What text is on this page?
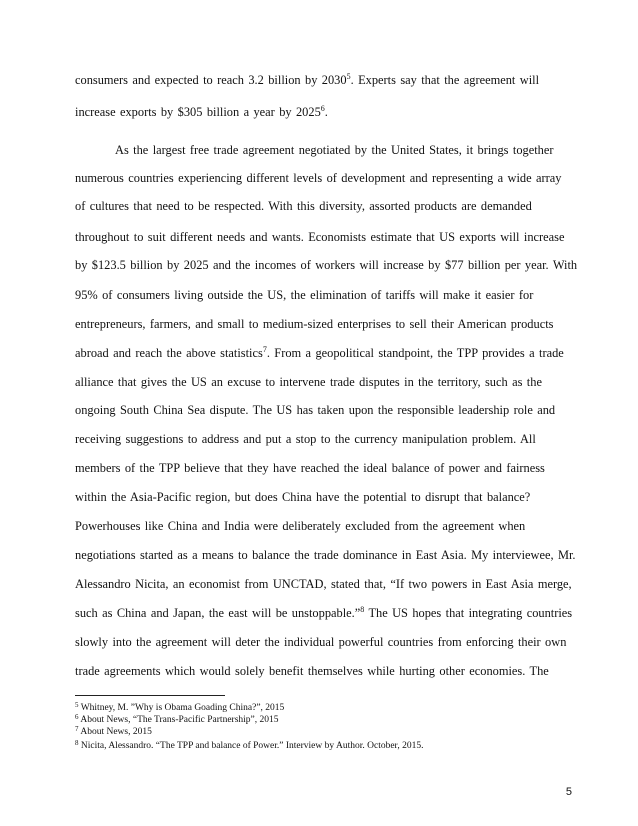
consumers and expected to reach 3.2 billion by 2030$^5$. Experts say that the agreement will
increase exports by $305 billion a year by 2025$^6$.
As the largest free trade agreement negotiated by the United States, it brings together
numerous countries experiencing different levels of development and representing a wide array
of cultures that need to be respected. With this diversity, assorted products are demanded
throughout to suit different needs and wants. Economists estimate that US exports will increase
by $123.5 billion by 2025 and the incomes of workers will increase by $77 billion per year. With
95% of consumers living outside the US, the elimination of tariffs will make it easier for
entrepreneurs, farmers, and small to medium-sized enterprises to sell their American products
abroad and reach the above statistics$^7$. From a geopolitical standpoint, the TPP provides a trade
alliance that gives the US an excuse to intervene trade disputes in the territory, such as the
ongoing South China Sea dispute. The US has taken upon the responsible leadership role and
receiving suggestions to address and put a stop to the currency manipulation problem. All
members of the TPP believe that they have reached the ideal balance of power and fairness
within the Asia-Pacific region, but does China have the potential to disrupt that balance?
Powerhouses like China and India were deliberately excluded from the agreement when
negotiations started as a means to balance the trade dominance in East Asia. My interviewee, Mr.
Alessandro Nicita, an economist from UNCTAD, stated that, “If two powers in East Asia merge,
such as China and Japan, the east will be unstoppable.”$^8$ The US hopes that integrating countries
slowly into the agreement will deter the individual powerful countries from enforcing their own
trade agreements which would solely benefit themselves while hurting other economies. The
$^5$ Whitney, M. ”Why is Obama Goading China?”, 2015
$^6$ About News, “The Trans-Pacific Partnership”, 2015
$^7$ About News, 2015
$^8$ Nicita, Alessandro. “The TPP and balance of Power.” Interview by Author. October, 2015.
5
